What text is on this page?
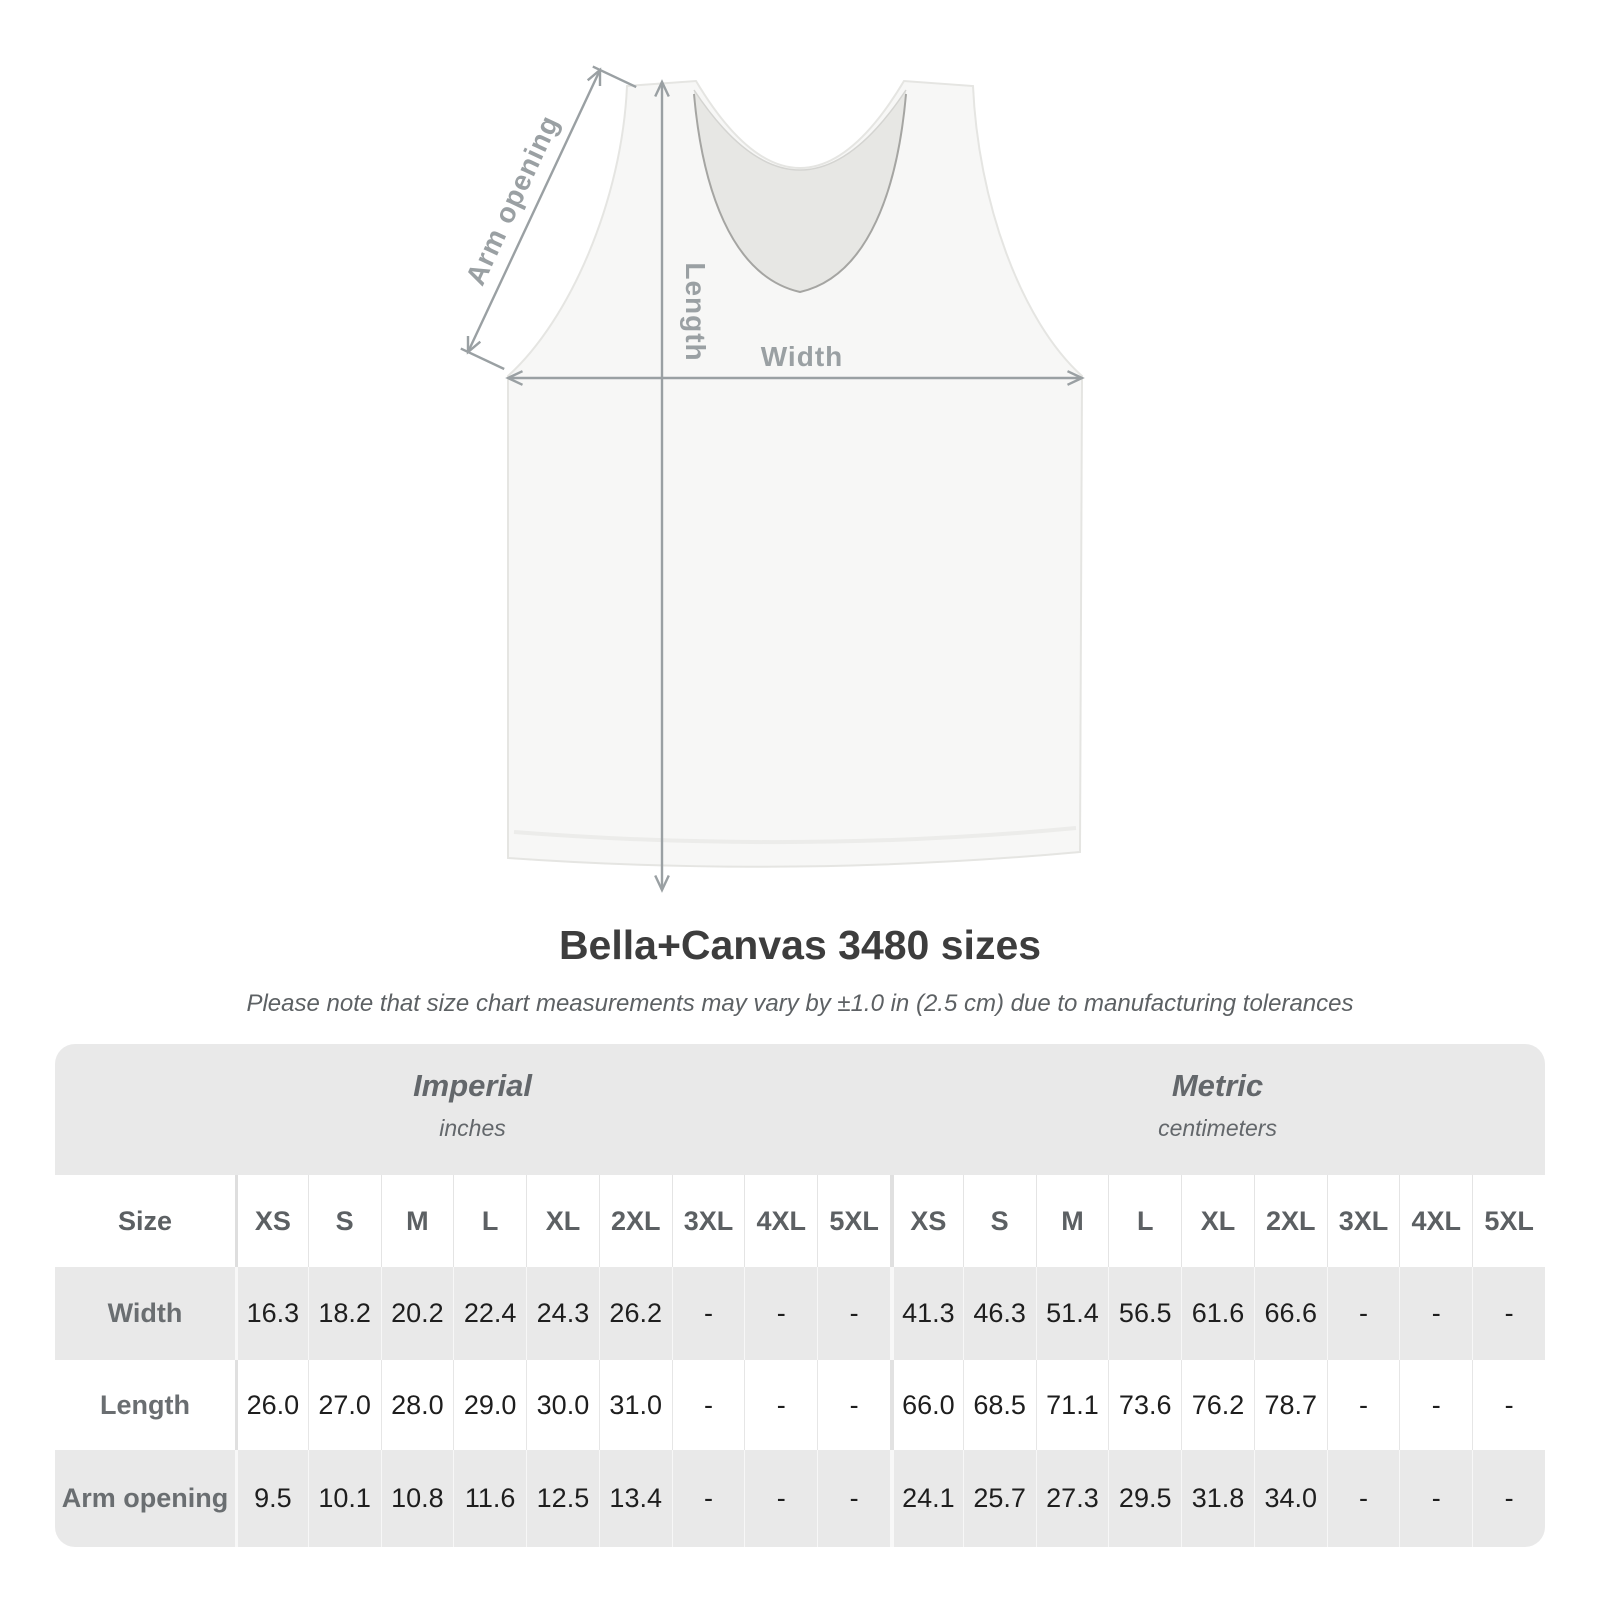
Arm opening
Length Width
Bella+Canvas 3480 sizes
Please note that size chart measurements may vary by ±1.0 in (2.5 cm) due to manufacturing tolerances
Imperial
inches

Metric
centimeters

Size	XS	S	M	L	XL	2XL	3XL	4XL	5XL	XS	S	M	L	XL	2XL	3XL	4XL	5XL
Width	16.3	18.2	20.2	22.4	24.3	26.2	-	-	-	41.3	46.3	51.4	56.5	61.6	66.6	-	-	-
Length	26.0	27.0	28.0	29.0	30.0	31.0	-	-	-	66.0	68.5	71.1	73.6	76.2	78.7	-	-	-
Arm opening	9.5	10.1	10.8	11.6	12.5	13.4	-	-	-	24.1	25.7	27.3	29.5	31.8	34.0	-	-	-
